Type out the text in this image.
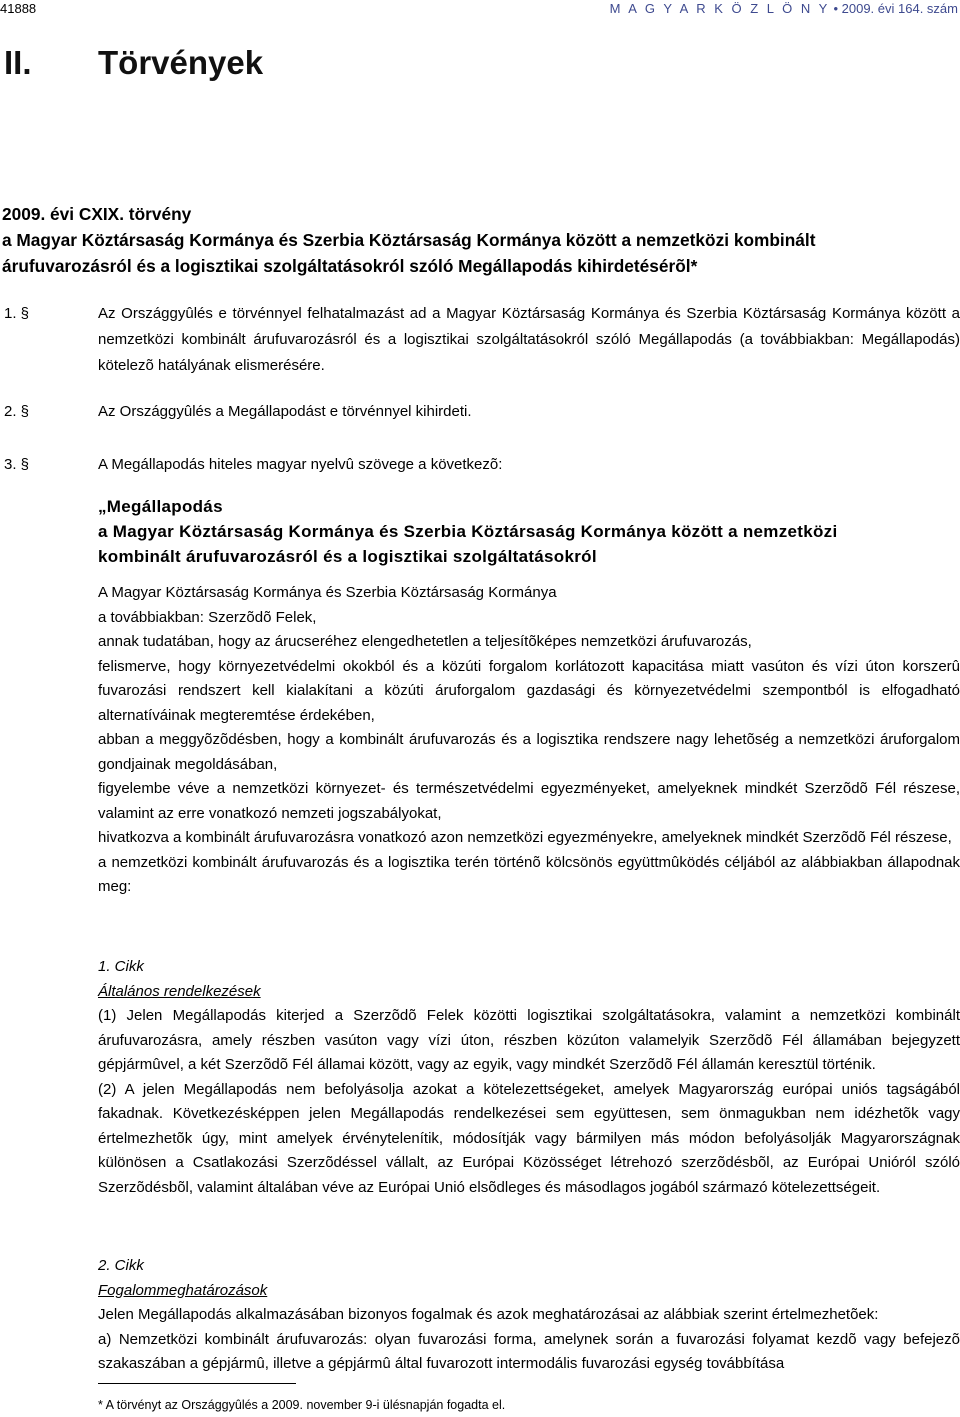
41888	M A G Y A R K Ö Z L Ö N Y • 2009. évi 164. szám
II. Törvények
2009. évi CXIX. törvény
a Magyar Köztársaság Kormánya és Szerbia Köztársaság Kormánya között a nemzetközi kombinált
árufuvarozásról és a logisztikai szolgáltatásokról szóló Megállapodás kihirdetésérõl*
1. §	Az Országgyûlés e törvénnyel felhatalmazást ad a Magyar Köztársaság Kormánya és Szerbia Köztársaság Kormánya között a nemzetközi kombinált árufuvarozásról és a logisztikai szolgáltatásokról szóló Megállapodás (a továbbiakban: Megállapodás) kötelezõ hatályának elismerésére.
2. §	Az Országgyûlés a Megállapodást e törvénnyel kihirdeti.
3. §	A Megállapodás hiteles magyar nyelvû szövege a következõ:
„Megállapodás
a Magyar Köztársaság Kormánya és Szerbia Köztársaság Kormánya között a nemzetközi
kombinált árufuvarozásról és a logisztikai szolgáltatásokról
A Magyar Köztársaság Kormánya és Szerbia Köztársaság Kormánya
a továbbiakban: Szerzõdõ Felek,
annak tudatában, hogy az árucseréhez elengedhetetlen a teljesítõképes nemzetközi árufuvarozás,
felismerve, hogy környezetvédelmi okokból és a közúti forgalom korlátozott kapacitása miatt vasúton és vízi úton korszerû fuvarozási rendszert kell kialakítani a közúti áruforgalom gazdasági és környezetvédelmi szempontból is elfogadható alternatíváinak megteremtése érdekében,
abban a meggyõzõdésben, hogy a kombinált árufuvarozás és a logisztika rendszere nagy lehetõség a nemzetközi áruforgalom gondjainak megoldásában,
figyelembe véve a nemzetközi környezet- és természetvédelmi egyezményeket, amelyeknek mindkét Szerzõdõ Fél részese, valamint az erre vonatkozó nemzeti jogszabályokat,
hivatkozva a kombinált árufuvarozásra vonatkozó azon nemzetközi egyezményekre, amelyeknek mindkét Szerzõdõ Fél részese,
a nemzetközi kombinált árufuvarozás és a logisztika terén történõ kölcsönös együttmûködés céljából az alábbiakban állapodnak meg:
1. Cikk
Általános rendelkezések
(1) Jelen Megállapodás kiterjed a Szerzõdõ Felek közötti logisztikai szolgáltatásokra, valamint a nemzetközi kombinált árufuvarozásra, amely részben vasúton vagy vízi úton, részben közúton valamelyik Szerzõdõ Fél államában bejegyzett gépjármûvel, a két Szerzõdõ Fél államai között, vagy az egyik, vagy mindkét Szerzõdõ Fél államán keresztül történik.
(2) A jelen Megállapodás nem befolyásolja azokat a kötelezettségeket, amelyek Magyarország európai uniós tagságából fakadnak. Következésképpen jelen Megállapodás rendelkezései sem együttesen, sem önmagukban nem idézhetõk vagy értelmezhetõk úgy, mint amelyek érvénytelenítik, módosítják vagy bármilyen más módon befolyásolják Magyarországnak különösen a Csatlakozási Szerzõdéssel vállalt, az Európai Közösséget létrehozó szerzõdésbõl, az Európai Unióról szóló Szerzõdésbõl, valamint általában véve az Európai Unió elsõdleges és másodlagos jogából származó kötelezettségeit.
2. Cikk
Fogalommeghatározások
Jelen Megállapodás alkalmazásában bizonyos fogalmak és azok meghatározásai az alábbiak szerint értelmezhetõek:
a) Nemzetközi kombinált árufuvarozás: olyan fuvarozási forma, amelynek során a fuvarozási folyamat kezdõ vagy befejezõ szakaszában a gépjármû, illetve a gépjármû által fuvarozott intermodális fuvarozási egység továbbítása
* A törvényt az Országgyûlés a 2009. november 9-i ülésnapján fogadta el.
